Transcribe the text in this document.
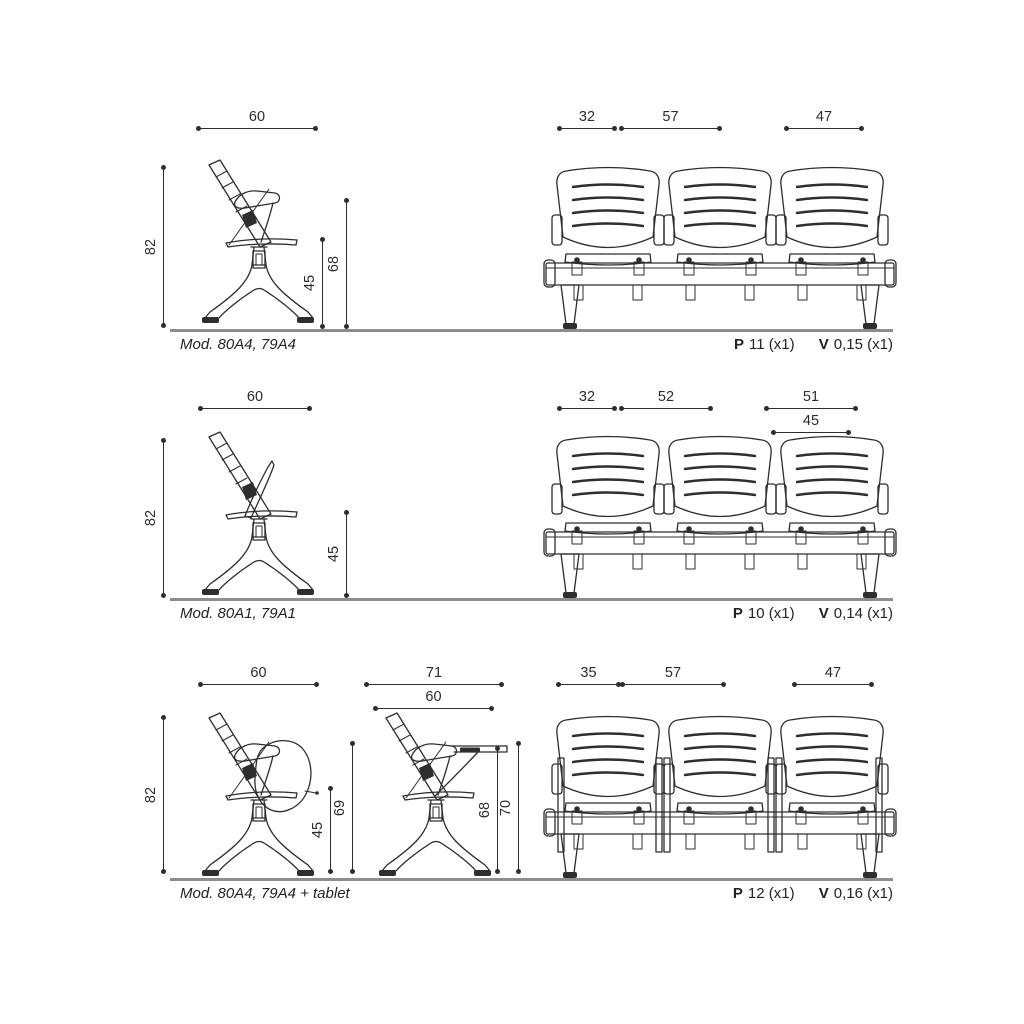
60
82
45
68
32	57	47
Mod. 80A4, 79A4	P 11 (x1) V 0,15 (x1)
60
82
45
32	52	51
45
Mod. 80A1, 79A1	P 10 (x1) V 0,14 (x1)
60
82
45
69
71
60
68 70
35	57	47
Mod. 80A4, 79A4 + tablet	P 12 (x1) V 0,16 (x1)
